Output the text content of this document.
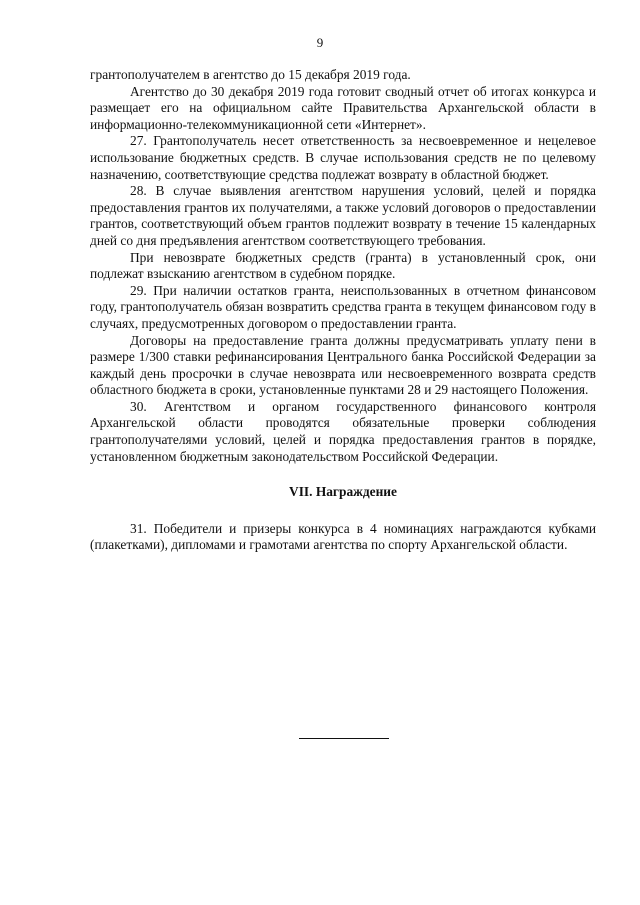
9

грантополучателем в агентство до 15 декабря 2019 года.

Агентство до 30 декабря 2019 года готовит сводный отчет об итогах конкурса и размещает его на официальном сайте Правительства Архангельской области в информационно-телекоммуникационной сети «Интернет».

27. Грантополучатель несет ответственность за несвоевременное и нецелевое использование бюджетных средств. В случае использования средств не по целевому назначению, соответствующие средства подлежат возврату в областной бюджет.

28. В случае выявления агентством нарушения условий, целей и порядка предоставления грантов их получателями, а также условий договоров о предоставлении грантов, соответствующий объем грантов подлежит возврату в течение 15 календарных дней со дня предъявления агентством соответствующего требования.

При невозврате бюджетных средств (гранта) в установленный срок, они подлежат взысканию агентством в судебном порядке.

29. При наличии остатков гранта, неиспользованных в отчетном финансовом году, грантополучатель обязан возвратить средства гранта в текущем финансовом году в случаях, предусмотренных договором о предоставлении гранта.

Договоры на предоставление гранта должны предусматривать уплату пени в размере 1/300 ставки рефинансирования Центрального банка Российской Федерации за каждый день просрочки в случае невозврата или несвоевременного возврата средств областного бюджета в сроки, установленные пунктами 28 и 29 настоящего Положения.

30. Агентством и органом государственного финансового контроля Архангельской области проводятся обязательные проверки соблюдения грантополучателями условий, целей и порядка предоставления грантов в порядке, установленном бюджетным законодательством Российской Федерации.

VII. Награждение

31. Победители и призеры конкурса в 4 номинациях награждаются кубками (плакетками), дипломами и грамотами агентства по спорту Архангельской области.
